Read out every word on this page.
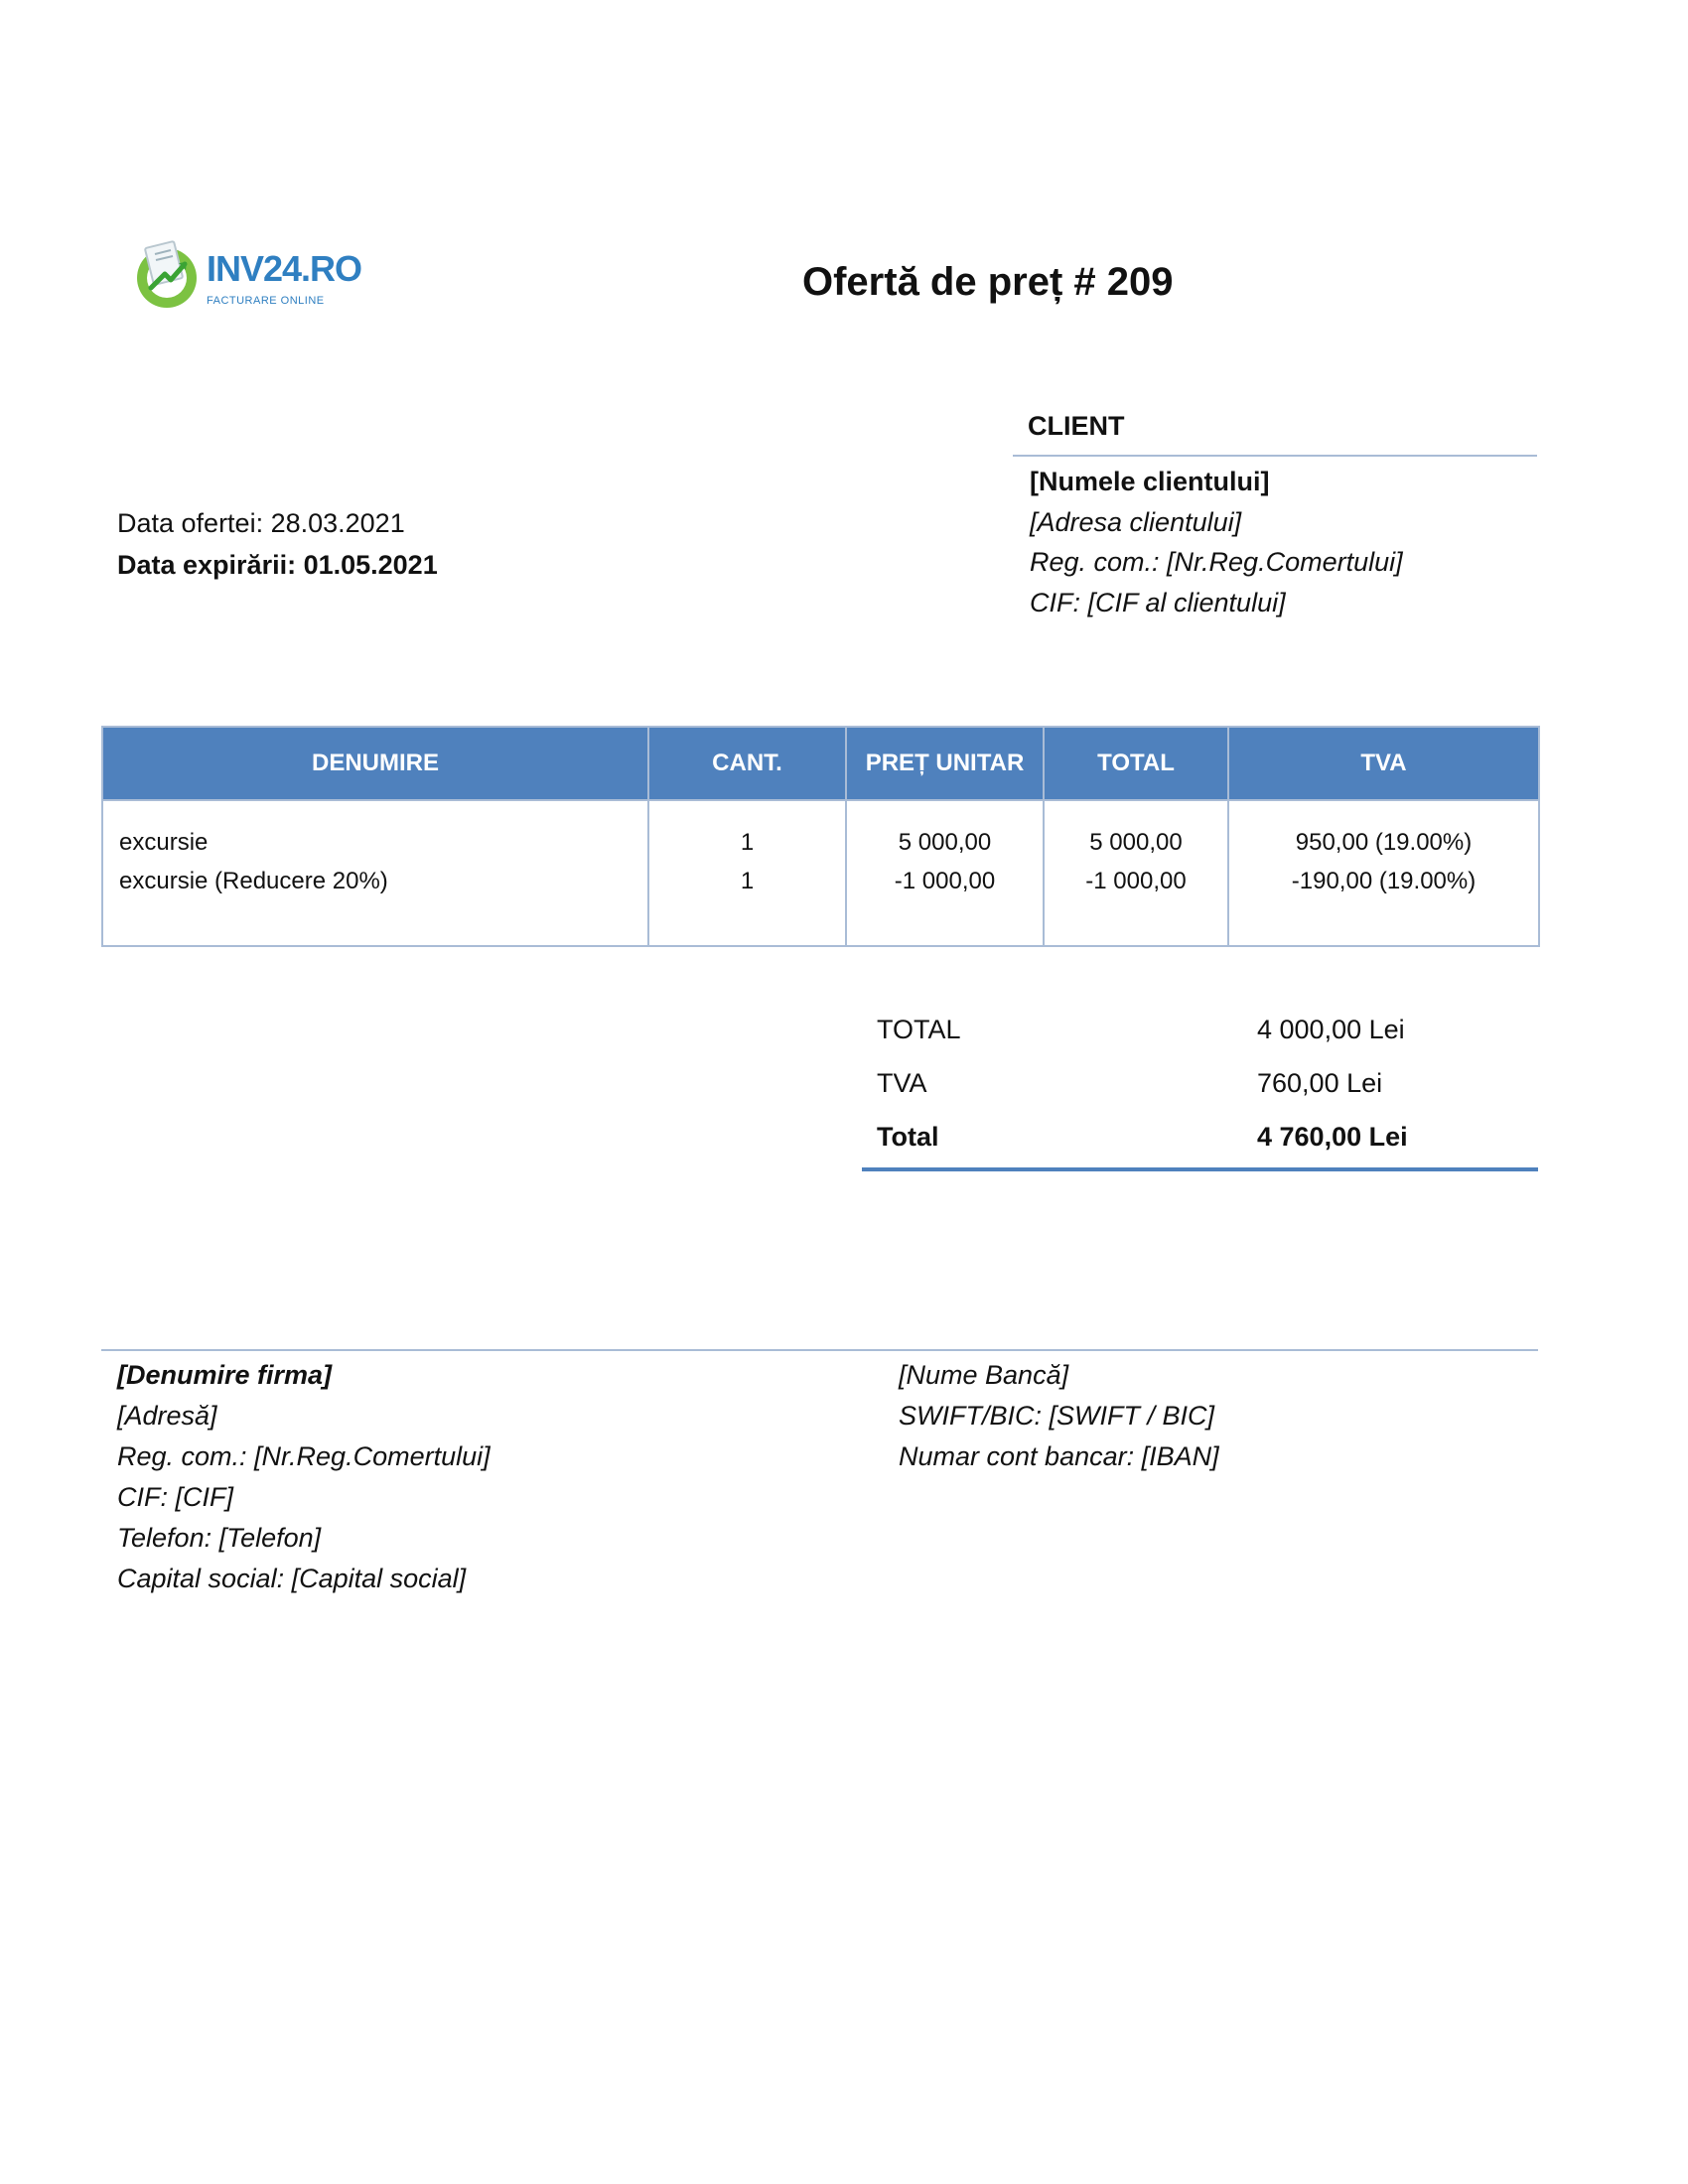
INV24.RO
FACTURARE ONLINE	Ofertă de preț # 209
CLIENT
[Numele clientului]
[Adresa clientului]
Reg. com.: [Nr.Reg.Comertului]
CIF: [CIF al clientului]
Data ofertei: 28.03.2021
Data expirării: 01.05.2021
DENUMIRE	CANT.	PREȚ UNITAR	TOTAL	TVA
excursie	1	5 000,00	5 000,00	950,00 (19.00%)
excursie (Reducere 20%)	1	-1 000,00	-1 000,00	-190,00 (19.00%)

TOTAL	4 000,00 Lei
TVA	760,00 Lei
Total	4 760,00 Lei
[Denumire firma]
[Adresă]
Reg. com.: [Nr.Reg.Comertului]
CIF: [CIF]
Telefon: [Telefon]
Capital social: [Capital social]
[Nume Bancă]
SWIFT/BIC: [SWIFT / BIC]
Numar cont bancar: [IBAN]
